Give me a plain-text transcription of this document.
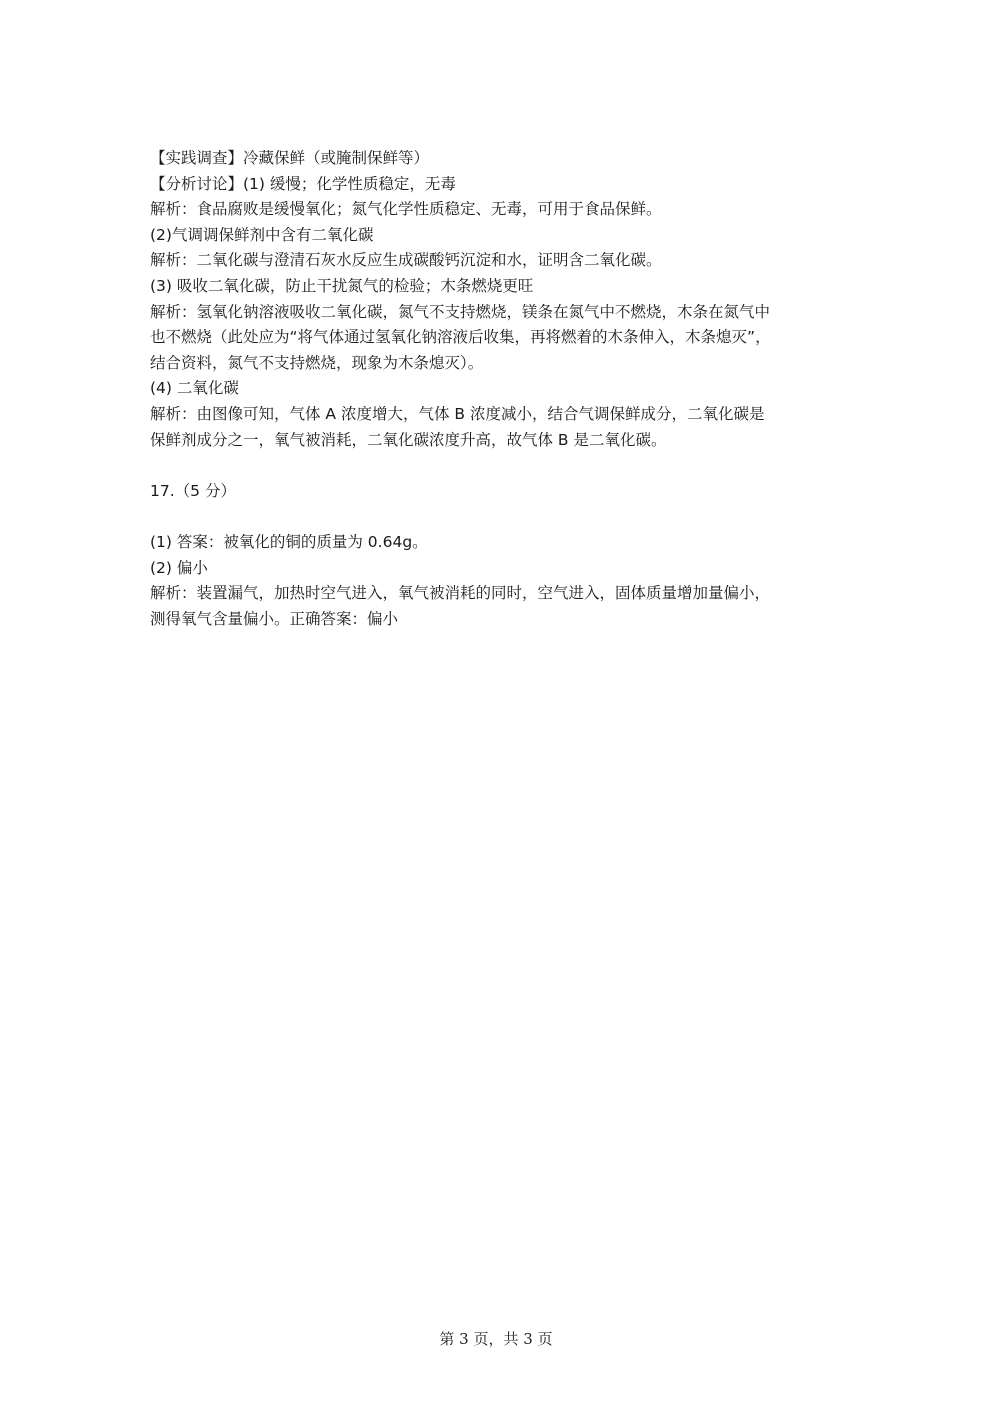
【实践调查】冷藏保鲜（或腌制保鲜等）

【分析讨论】(1) 缓慢；化学性质稳定，无毒

解析：食品腐败是缓慢氧化；氮气化学性质稳定、无毒，可用于食品保鲜。

(2)气调调保鲜剂中含有二氧化碳

解析：二氧化碳与澄清石灰水反应生成碳酸钙沉淀和水，证明含二氧化碳。

(3) 吸收二氧化碳，防止干扰氮气的检验；木条燃烧更旺

解析：氢氧化钠溶液吸收二氧化碳，氮气不支持燃烧，镁条在氮气中不燃烧，木条在氮气中

也不燃烧（此处应为“将气体通过氢氧化钠溶液后收集，再将燃着的木条伸入，木条熄灭”，

结合资料，氮气不支持燃烧，现象为木条熄灭）。

(4) 二氧化碳

解析：由图像可知，气体 A 浓度增大，气体 B 浓度减小，结合气调保鲜成分，二氧化碳是

保鲜剂成分之一，氧气被消耗，二氧化碳浓度升高，故气体 B 是二氧化碳。

17.（5 分）

(1) 答案：被氧化的铜的质量为 0.64g。

(2) 偏小

解析：装置漏气，加热时空气进入，氧气被消耗的同时，空气进入，固体质量增加量偏小，

测得氧气含量偏小。正确答案：偏小

第 3 页，共 3 页
